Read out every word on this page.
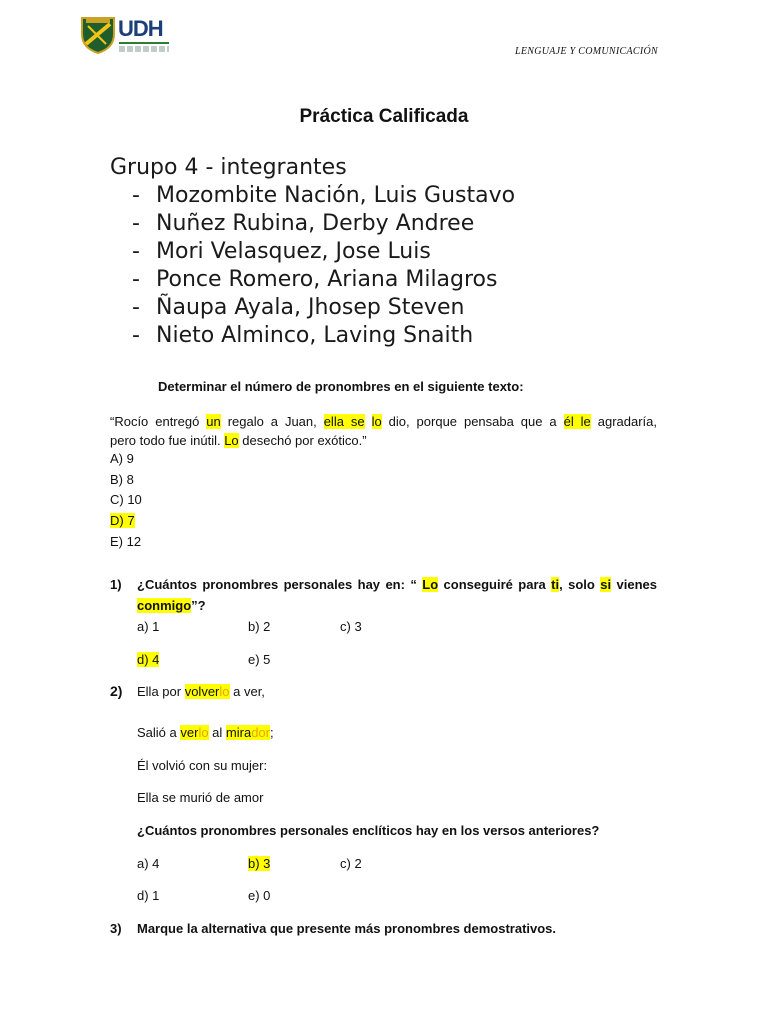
UDH
LENGUAJE Y COMUNICACIÓN
Práctica Calificada
Grupo 4 - integrantes
- Mozombite Nación, Luis Gustavo
- Nuñez Rubina, Derby Andree
- Mori Velasquez, Jose Luis
- Ponce Romero, Ariana Milagros
- Ñaupa Ayala, Jhosep Steven
- Nieto Alminco, Laving Snaith
Determinar el número de pronombres en el siguiente texto:
“Rocío entregó un regalo a Juan, ella se lo dio, porque pensaba que a él le agradaría,
pero todo fue inútil. Lo desechó por exótico.”
A) 9
B) 8
C) 10
D) 7
E) 12
1) ¿Cuántos pronombres personales hay en: “ Lo conseguiré para ti, solo si vienes
conmigo”?
a) 1	b) 2	c) 3
d) 4	e) 5
2) Ella por volverlo a ver,
Salió a verlo al mirador;
Él volvió con su mujer:
Ella se murió de amor
¿Cuántos pronombres personales enclíticos hay en los versos anteriores?
a) 4	b) 3	c) 2
d) 1	e) 0
3) Marque la alternativa que presente más pronombres demostrativos.
